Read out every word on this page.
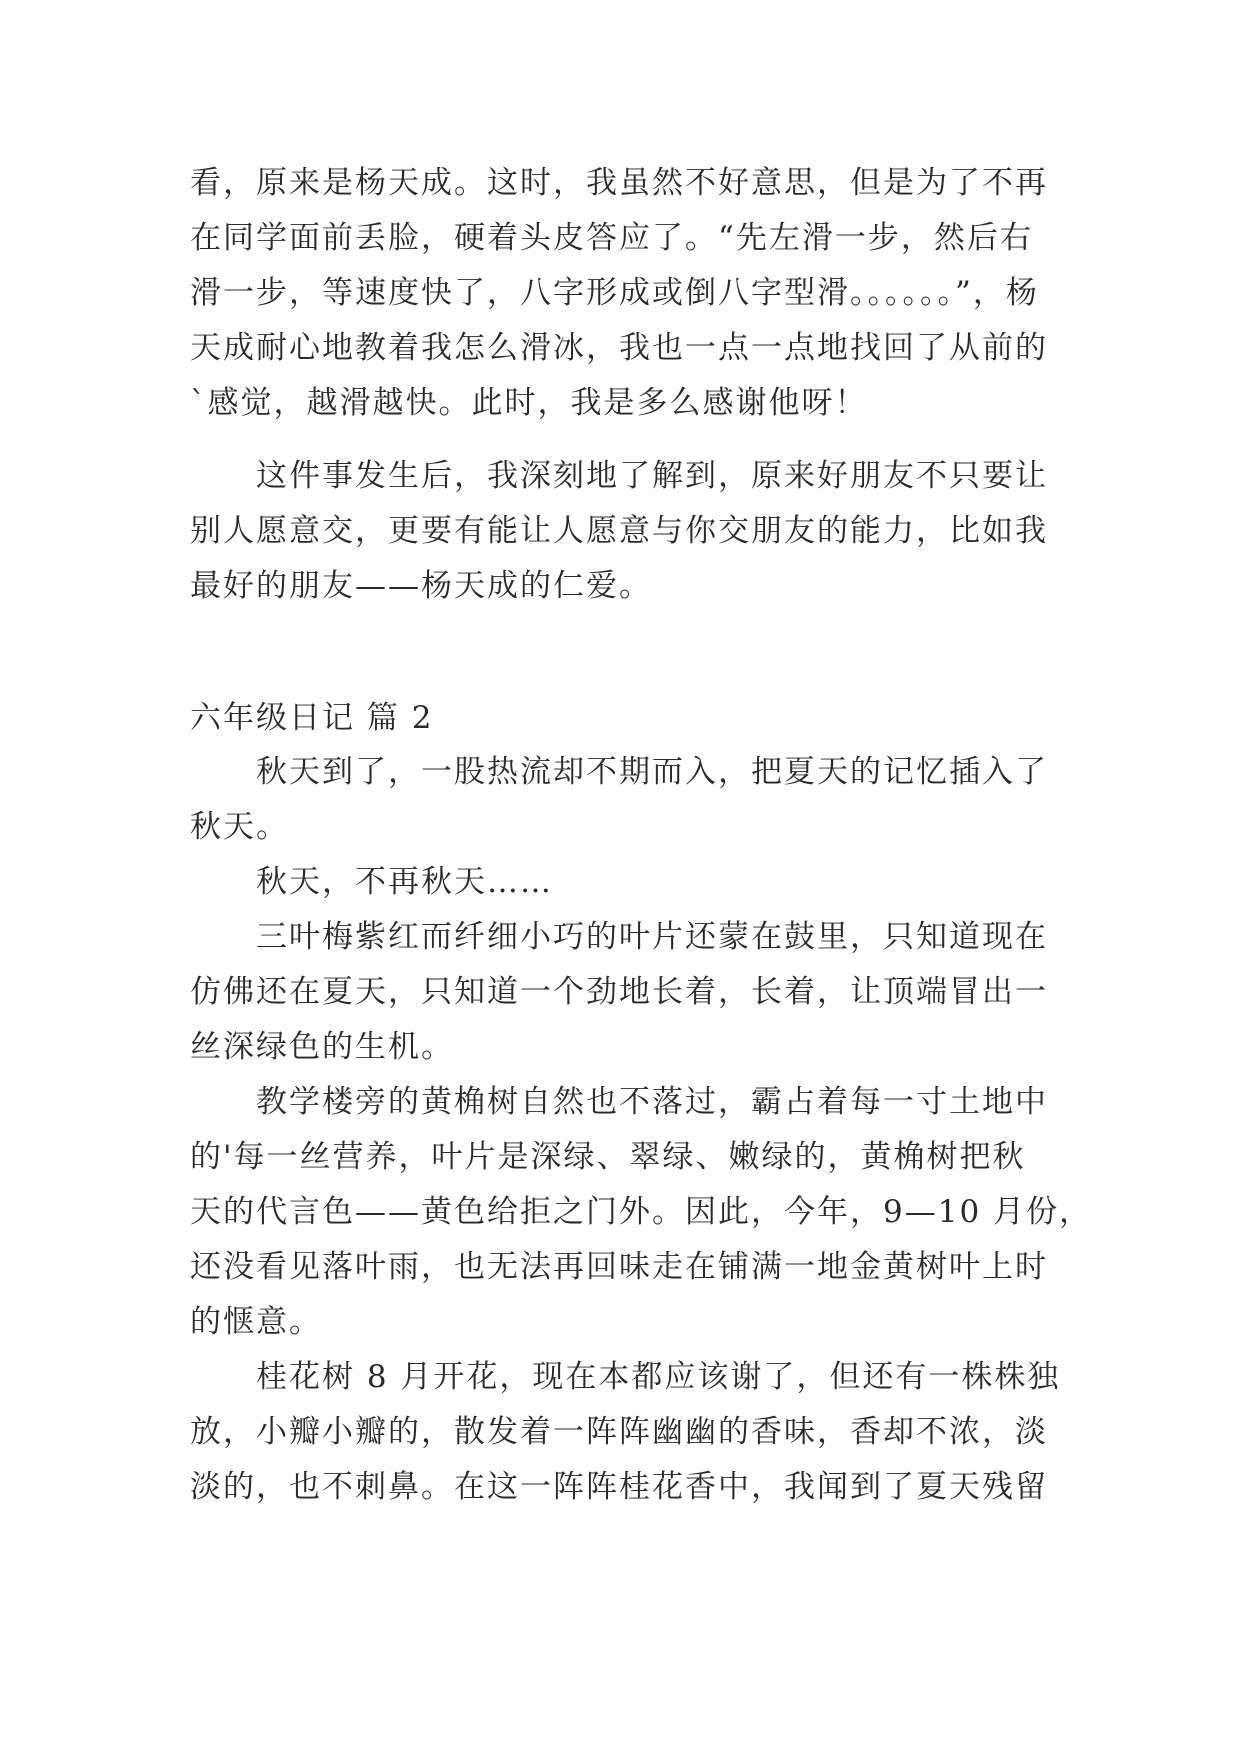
看，原来是杨天成。这时，我虽然不好意思，但是为了不再
在同学面前丢脸，硬着头皮答应了。“先左滑一步，然后右
滑一步，等速度快了，八字形成或倒八字型滑。。。。。。”，杨
天成耐心地教着我怎么滑冰，我也一点一点地找回了从前的
`感觉，越滑越快。此时，我是多么感谢他呀！
这件事发生后，我深刻地了解到，原来好朋友不只要让
别人愿意交，更要有能让人愿意与你交朋友的能力，比如我
最好的朋友——杨天成的仁爱。
六年级日记 篇 2
秋天到了，一股热流却不期而入，把夏天的记忆插入了
秋天。
秋天，不再秋天……
三叶梅紫红而纤细小巧的叶片还蒙在鼓里，只知道现在
仿佛还在夏天，只知道一个劲地长着，长着，让顶端冒出一
丝深绿色的生机。
教学楼旁的黄桷树自然也不落过，霸占着每一寸土地中
的'每一丝营养，叶片是深绿、翠绿、嫩绿的，黄桷树把秋
天的代言色——黄色给拒之门外。因此，今年，9—10 月份，
还没看见落叶雨，也无法再回味走在铺满一地金黄树叶上时
的惬意。
桂花树 8 月开花，现在本都应该谢了，但还有一株株独
放，小瓣小瓣的，散发着一阵阵幽幽的香味，香却不浓，淡
淡的，也不刺鼻。在这一阵阵桂花香中，我闻到了夏天残留
